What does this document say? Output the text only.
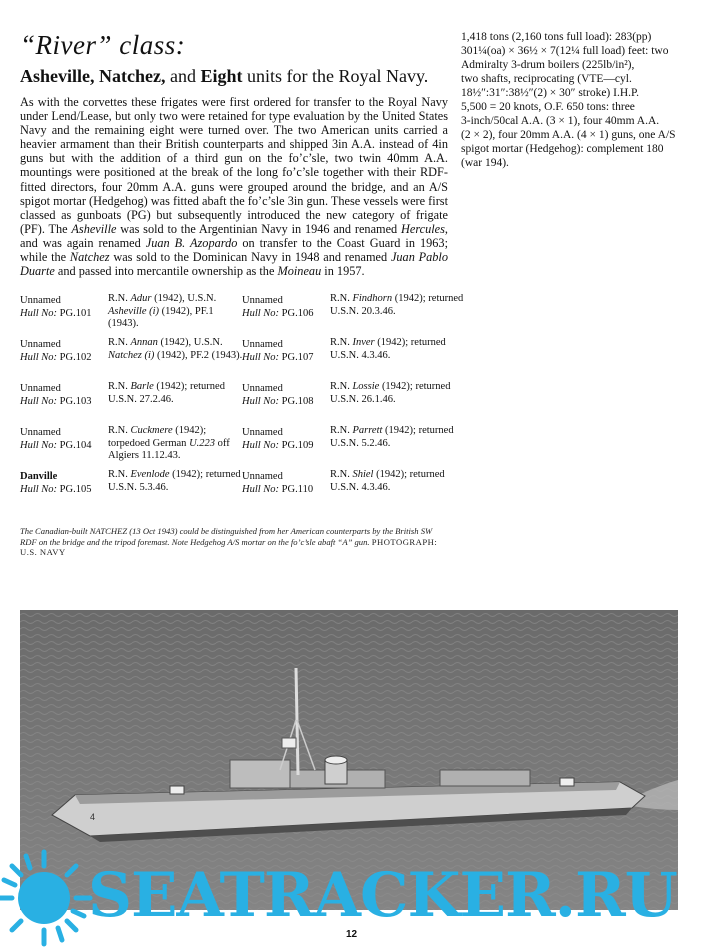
“River” class:
Asheville, Natchez, and Eight units for the Royal Navy.
1,418 tons (2,160 tons full load): 283(pp)
301¼(oa) × 36½ × 7(12¼ full load) feet: two
Admiralty 3-drum boilers (225lb/in²),
two shafts, reciprocating (VTE—cyl.
18½″:31″:38½″(2) × 30″ stroke) I.H.P.
5,500 = 20 knots, O.F. 650 tons: three
3-inch/50cal A.A. (3 × 1), four 40mm A.A.
(2 × 2), four 20mm A.A. (4 × 1) guns, one A/S
spigot mortar (Hedgehog): complement 180
(war 194).

As with the corvettes these frigates were first ordered for transfer to the Royal Navy under Lend/Lease, but only two were retained for type evaluation by the United States Navy and the remaining eight were turned over. The two American units carried a heavier armament than their British counterparts and shipped 3in A.A. instead of 4in guns but with the addition of a third gun on the fo’c’sle, two twin 40mm A.A. mountings were positioned at the break of the long fo’c’sle together with their RDF-fitted directors, four 20mm A.A. guns were grouped around the bridge, and an A/S spigot mortar (Hedgehog) was fitted abaft the fo’c’sle 3in gun. These vessels were first classed as gunboats (PG) but subsequently introduced the new category of frigate (PF). The Asheville was sold to the Argentinian Navy in 1946 and renamed Hercules, and was again renamed Juan B. Azopardo on transfer to the Coast Guard in 1963; while the Natchez was sold to the Dominican Navy in 1948 and renamed Juan Pablo Duarte and passed into mercantile ownership as the Moineau in 1957.

Unnamed
Hull No: PG.101
R.N. Adur (1942), U.S.N. Asheville (i) (1942), PF.1 (1943).
Unnamed
Hull No: PG.102
R.N. Annan (1942), U.S.N. Natchez (i) (1942), PF.2 (1943).
Unnamed
Hull No: PG.103
R.N. Barle (1942); returned U.S.N. 27.2.46.
Unnamed
Hull No: PG.104
R.N. Cuckmere (1942); torpedoed German U.223 off Algiers 11.12.43.
Danville
Hull No: PG.105
R.N. Evenlode (1942); returned U.S.N. 5.3.46.
Unnamed
Hull No: PG.106
R.N. Findhorn (1942); returned U.S.N. 20.3.46.
Unnamed
Hull No: PG.107
R.N. Inver (1942); returned U.S.N. 4.3.46.
Unnamed
Hull No: PG.108
R.N. Lossie (1942); returned U.S.N. 26.1.46.
Unnamed
Hull No: PG.109
R.N. Parrett (1942); returned U.S.N. 5.2.46.
Unnamed
Hull No: PG.110
R.N. Shiel (1942); returned U.S.N. 4.3.46.

The Canadian-built NATCHEZ (13 Oct 1943) could be distinguished from her American counterparts by the British SW RDF on the bridge and the tripod foremast. Note Hedgehog A/S mortar on the fo’c’sle abaft “A” gun. PHOTOGRAPH: U.S. NAVY

4

SEATRACKER.RU

12
